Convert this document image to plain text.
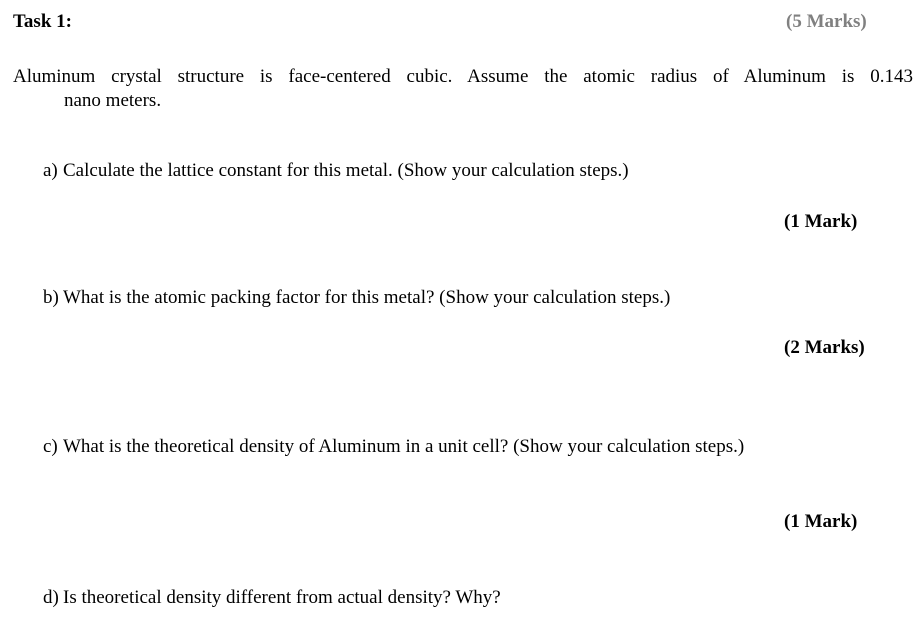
Task 1:	(5 Marks)
Aluminum crystal structure is face-centered cubic. Assume the atomic radius of Aluminum is 0.143
nano meters.
a) Calculate the lattice constant for this metal. (Show your calculation steps.)
(1 Mark)
b) What is the atomic packing factor for this metal? (Show your calculation steps.)
(2 Marks)
c) What is the theoretical density of Aluminum in a unit cell? (Show your calculation steps.)
(1 Mark)
d) Is theoretical density different from actual density? Why?
